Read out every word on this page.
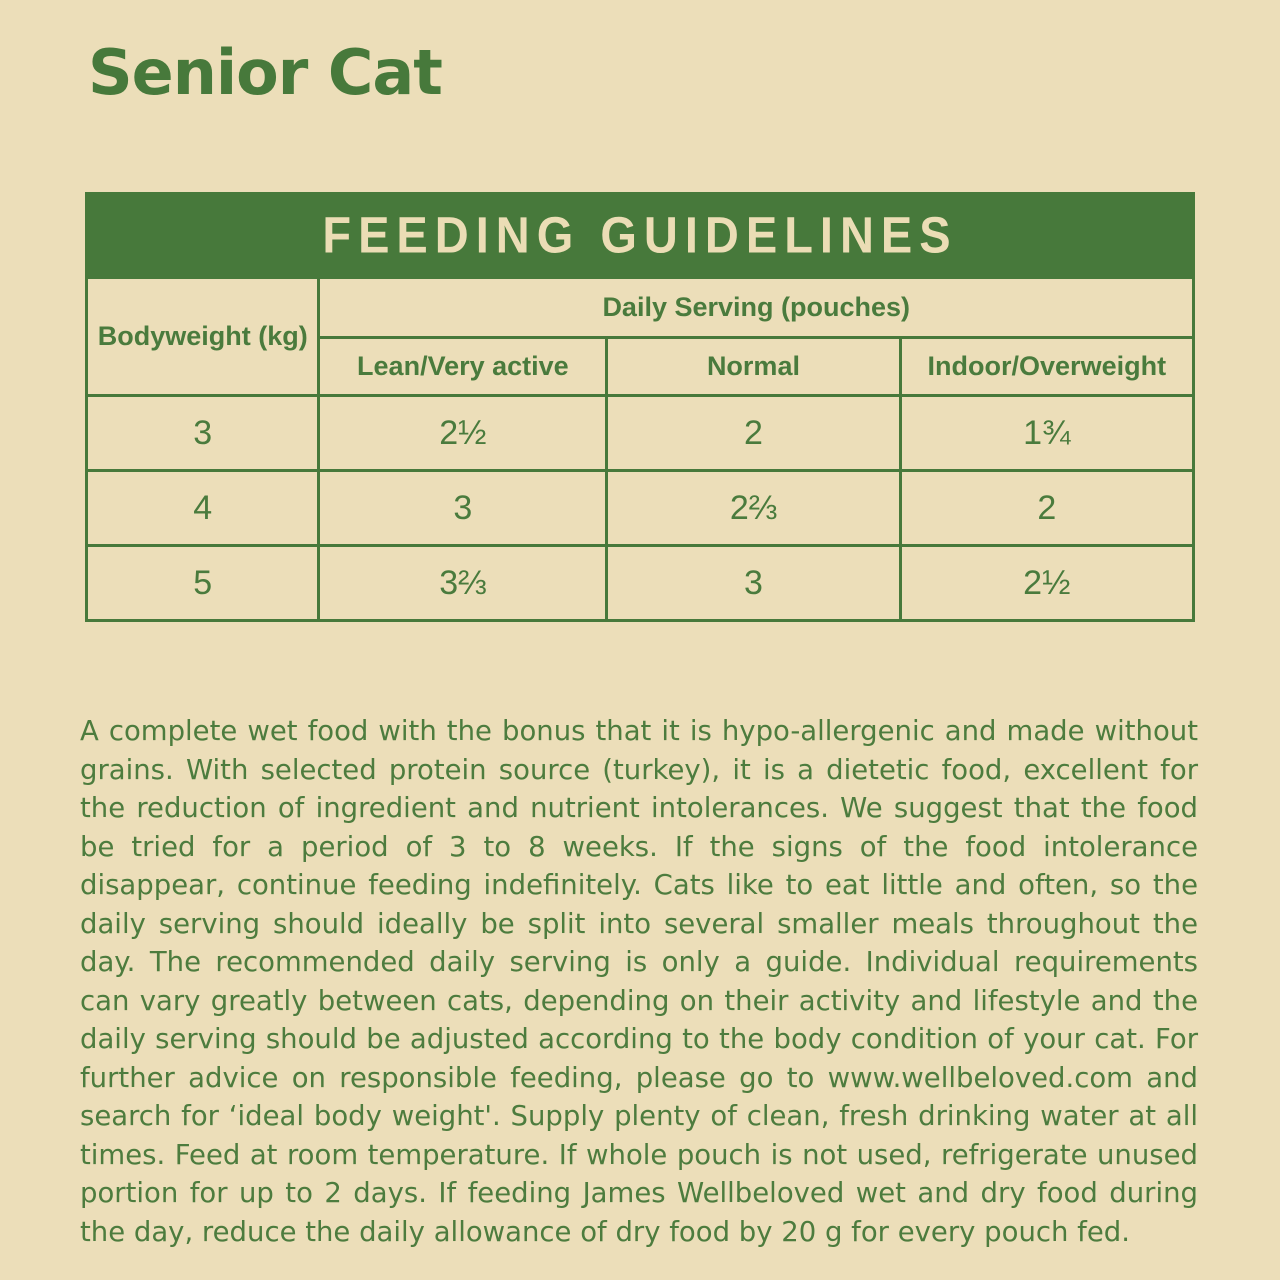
Senior Cat
FEEDING GUIDELINES
Bodyweight (kg)	Daily Serving (pouches)		
	Lean/Very active	Normal	Indoor/Overweight
3	2½	2	1¾
4	3	2⅔	2
5	3⅔	3	2½

A complete wet food with the bonus that it is hypo-allergenic and made without grains. With selected protein source (turkey), it is a dietetic food, excellent for the reduction of ingredient and nutrient intolerances. We suggest that the food be tried for a period of 3 to 8 weeks. If the signs of the food intolerance disappear, continue feeding indefinitely. Cats like to eat little and often, so the daily serving should ideally be split into several smaller meals throughout the day. The recommended daily serving is only a guide. Individual requirements can vary greatly between cats, depending on their activity and lifestyle and the daily serving should be adjusted according to the body condition of your cat. For further advice on responsible feeding, please go to www.wellbeloved.com and search for ‘ideal body weight'. Supply plenty of clean, fresh drinking water at all times. Feed at room temperature. If whole pouch is not used, refrigerate unused portion for up to 2 days. If feeding James Wellbeloved wet and dry food during the day, reduce the daily allowance of dry food by 20 g for every pouch fed.
